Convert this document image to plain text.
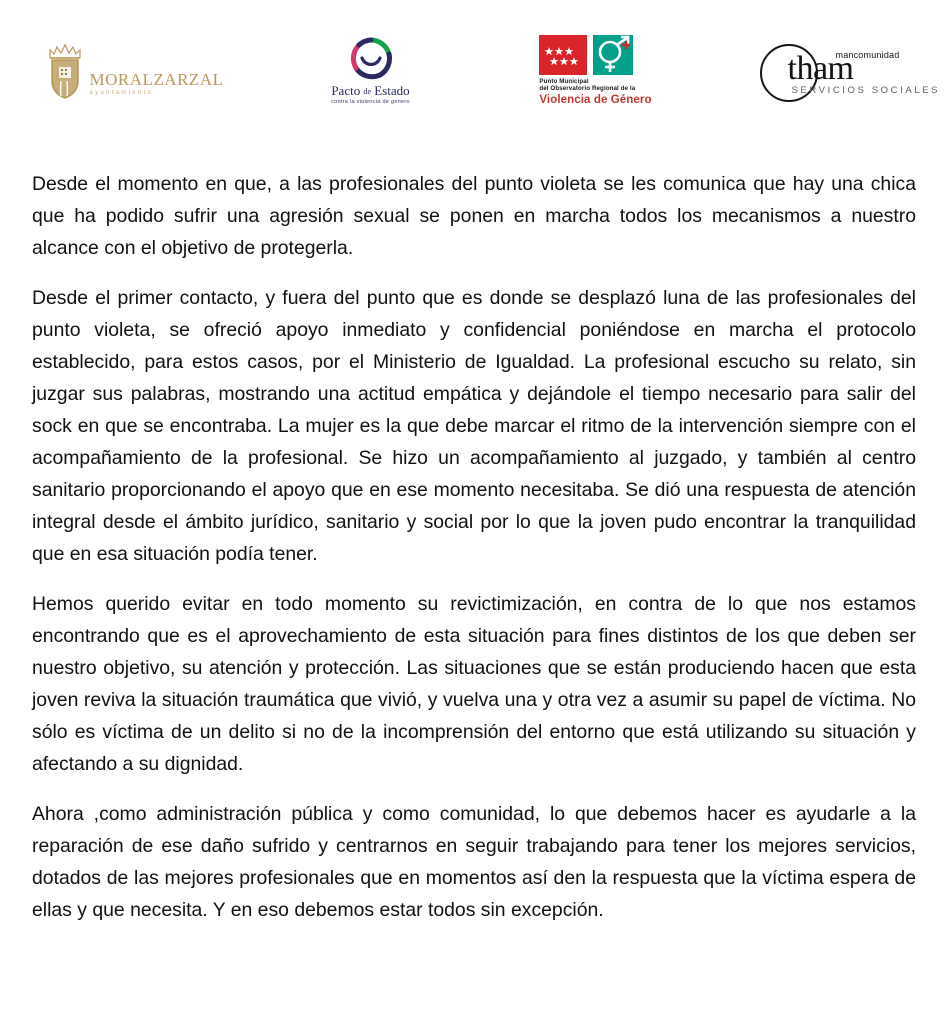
MORALZARZAL
ayuntamiento	Pacto de Estado
contra la violencia de genero
Punto Municipal
del Observatorio Regional de la
Violencia de Género
tham
mancomunidad
SERVICIOS SOCIALES

Desde el momento en que, a las profesionales del punto violeta se les comunica que hay una chica que ha podido sufrir una agresión sexual se ponen en marcha todos los mecanismos a nuestro alcance con el objetivo de protegerla.

Desde el primer contacto, y fuera del punto que es donde se desplazó luna de las profesionales del punto violeta, se ofreció apoyo inmediato y confidencial poniéndose en marcha el protocolo establecido, para estos casos, por el Ministerio de Igualdad. La profesional escucho su relato, sin juzgar sus palabras, mostrando una actitud empática y dejándole el tiempo necesario para salir del sock en que se encontraba. La mujer es la que debe marcar el ritmo de la intervención siempre con el acompañamiento de la profesional. Se hizo un acompañamiento al juzgado, y también al centro sanitario proporcionando el apoyo que en ese momento necesitaba. Se dió una respuesta de atención integral desde el ámbito jurídico, sanitario y social por lo que la joven pudo encontrar la tranquilidad que en esa situación podía tener.

Hemos querido evitar en todo momento su revictimización, en contra de lo que nos estamos encontrando que es el aprovechamiento de esta situación para fines distintos de los que deben ser nuestro objetivo, su atención y protección. Las situaciones que se están produciendo hacen que esta joven reviva la situación traumática que vivió, y vuelva una y otra vez a asumir su papel de víctima. No sólo es víctima de un delito si no de la incomprensión del entorno que está utilizando su situación y afectando a su dignidad.

Ahora ,como administración pública y como comunidad, lo que debemos hacer es ayudarle a la reparación de ese daño sufrido y centrarnos en seguir trabajando para tener los mejores servicios, dotados de las mejores profesionales que en momentos así den la respuesta que la víctima espera de ellas y que necesita. Y en eso debemos estar todos sin excepción.
